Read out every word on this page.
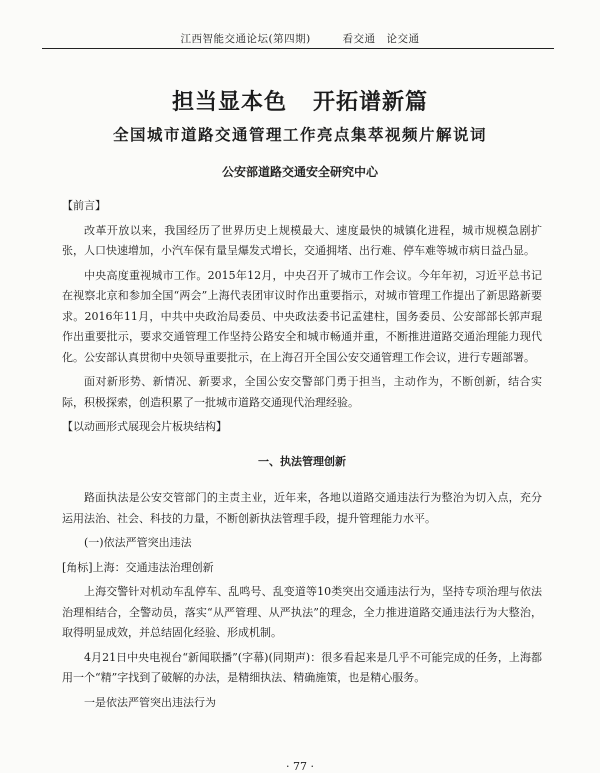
江西智能交通论坛(第四期)	看交通　论交通
担当显本色 开拓谱新篇
全国城市道路交通管理工作亮点集萃视频片解说词
公安部道路交通安全研究中心

【前言】

改革开放以来，我国经历了世界历史上规模最大、速度最快的城镇化进程，城市规模急剧扩张，人口快速增加，小汽车保有量呈爆发式增长，交通拥堵、出行难、停车难等城市病日益凸显。

中央高度重视城市工作。2015年12月，中央召开了城市工作会议。今年年初，习近平总书记在视察北京和参加全国“两会”上海代表团审议时作出重要指示，对城市管理工作提出了新思路新要求。2016年11月，中共中央政治局委员、中央政法委书记孟建柱，国务委员、公安部部长郭声琨作出重要批示，要求交通管理工作坚持公路安全和城市畅通并重，不断推进道路交通治理能力现代化。公安部认真贯彻中央领导重要批示，在上海召开全国公安交通管理工作会议，进行专题部署。

面对新形势、新情况、新要求，全国公安交警部门勇于担当，主动作为，不断创新，结合实际，积极探索，创造积累了一批城市道路交通现代治理经验。

【以动画形式展现会片板块结构】

一、执法管理创新

路面执法是公安交管部门的主责主业，近年来，各地以道路交通违法行为整治为切入点，充分运用法治、社会、科技的力量，不断创新执法管理手段，提升管理能力水平。

(一)依法严管突出违法

[角标]上海：交通违法治理创新

上海交警针对机动车乱停车、乱鸣号、乱变道等10类突出交通违法行为，坚持专项治理与依法治理相结合，全警动员，落实“从严管理、从严执法”的理念，全力推进道路交通违法行为大整治，取得明显成效，并总结固化经验、形成机制。

4月21日中央电视台“新闻联播”(字幕)(同期声)：很多看起来是几乎不可能完成的任务，上海都用一个“精”字找到了破解的办法，是精细执法、精确施策，也是精心服务。

一是依法严管突出违法行为

· 77 ·
